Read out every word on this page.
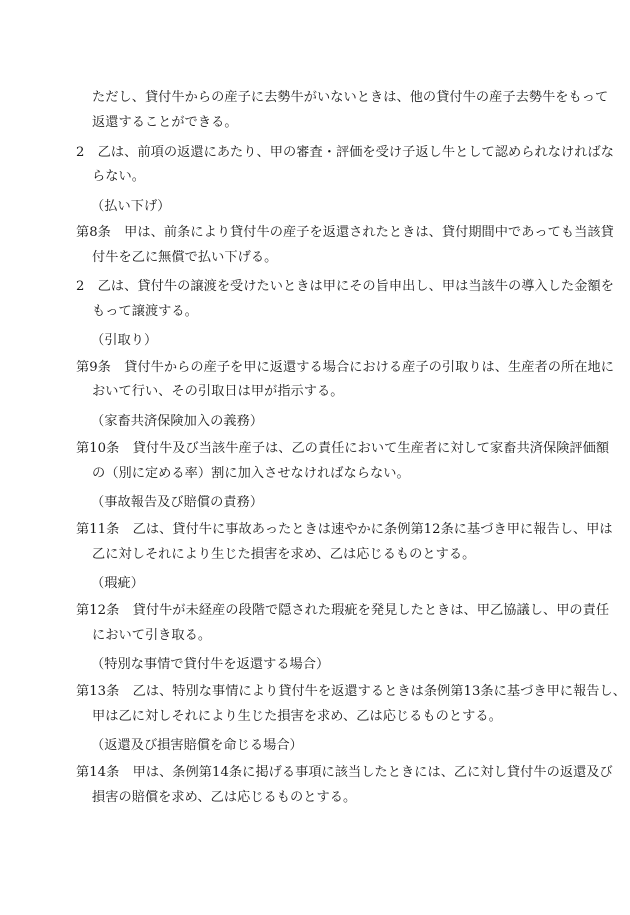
ただし、貸付牛からの産子に去勢牛がいないときは、他の貸付牛の産子去勢牛をもって
返還することができる。
2　乙は、前項の返還にあたり、甲の審査・評価を受け子返し牛として認められなければな
らない。
（払い下げ）
第8条　甲は、前条により貸付牛の産子を返還されたときは、貸付期間中であっても当該貸
付牛を乙に無償で払い下げる。
2　乙は、貸付牛の譲渡を受けたいときは甲にその旨申出し、甲は当該牛の導入した金額を
もって譲渡する。
（引取り）
第9条　貸付牛からの産子を甲に返還する場合における産子の引取りは、生産者の所在地に
おいて行い、その引取日は甲が指示する。
（家畜共済保険加入の義務）
第10条　貸付牛及び当該牛産子は、乙の責任において生産者に対して家畜共済保険評価額
の（別に定める率）割に加入させなければならない。
（事故報告及び賠償の責務）
第11条　乙は、貸付牛に事故あったときは速やかに条例第12条に基づき甲に報告し、甲は
乙に対しそれにより生じた損害を求め、乙は応じるものとする。
（瑕疵）
第12条　貸付牛が未経産の段階で隠された瑕疵を発見したときは、甲乙協議し、甲の責任
において引き取る。
（特別な事情で貸付牛を返還する場合）
第13条　乙は、特別な事情により貸付牛を返還するときは条例第13条に基づき甲に報告し、
甲は乙に対しそれにより生じた損害を求め、乙は応じるものとする。
（返還及び損害賠償を命じる場合）
第14条　甲は、条例第14条に掲げる事項に該当したときには、乙に対し貸付牛の返還及び
損害の賠償を求め、乙は応じるものとする。
